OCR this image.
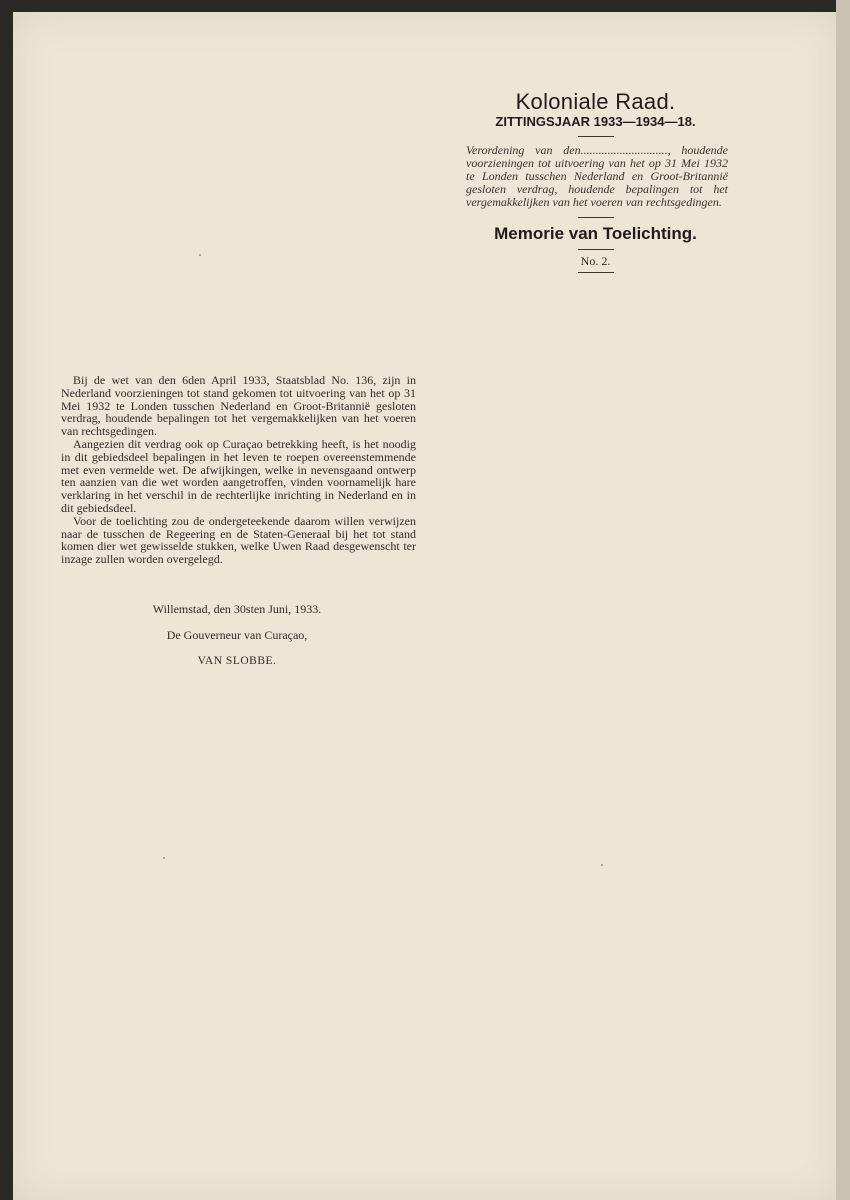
Koloniale Raad.
ZITTINGSJAAR 1933—1934—18.
Verordening van den............................., houdende voorzieningen tot uitvoering van het op 31 Mei 1932 te Londen tusschen Nederland en Groot-Britannië gesloten verdrag, houdende bepalingen tot het vergemakkelijken van het voeren van rechtsgedingen.
Memorie van Toelichting.
No. 2.

Bij de wet van den 6den April 1933, Staatsblad No. 136, zijn in Nederland voorzieningen tot stand gekomen tot uitvoering van het op 31 Mei 1932 te Londen tusschen Nederland en Groot-Britannië gesloten verdrag, houdende bepalingen tot het vergemakkelijken van het voeren van rechtsgedingen.

Aangezien dit verdrag ook op Curaçao betrekking heeft, is het noodig in dit gebiedsdeel bepalingen in het leven te roepen overeenstemmende met even vermelde wet. De afwijkingen, welke in nevensgaand ontwerp ten aanzien van die wet worden aangetroffen, vinden voornamelijk hare verklaring in het verschil in de rechterlijke inrichting in Nederland en in dit gebiedsdeel.

Voor de toelichting zou de ondergeteekende daarom willen verwijzen naar de tusschen de Regeering en de Staten-Generaal bij het tot stand komen dier wet gewisselde stukken, welke Uwen Raad desgewenscht ter inzage zullen worden overgelegd.

Willemstad, den 30sten Juni, 1933.
De Gouverneur van Curaçao,
VAN SLOBBE.
